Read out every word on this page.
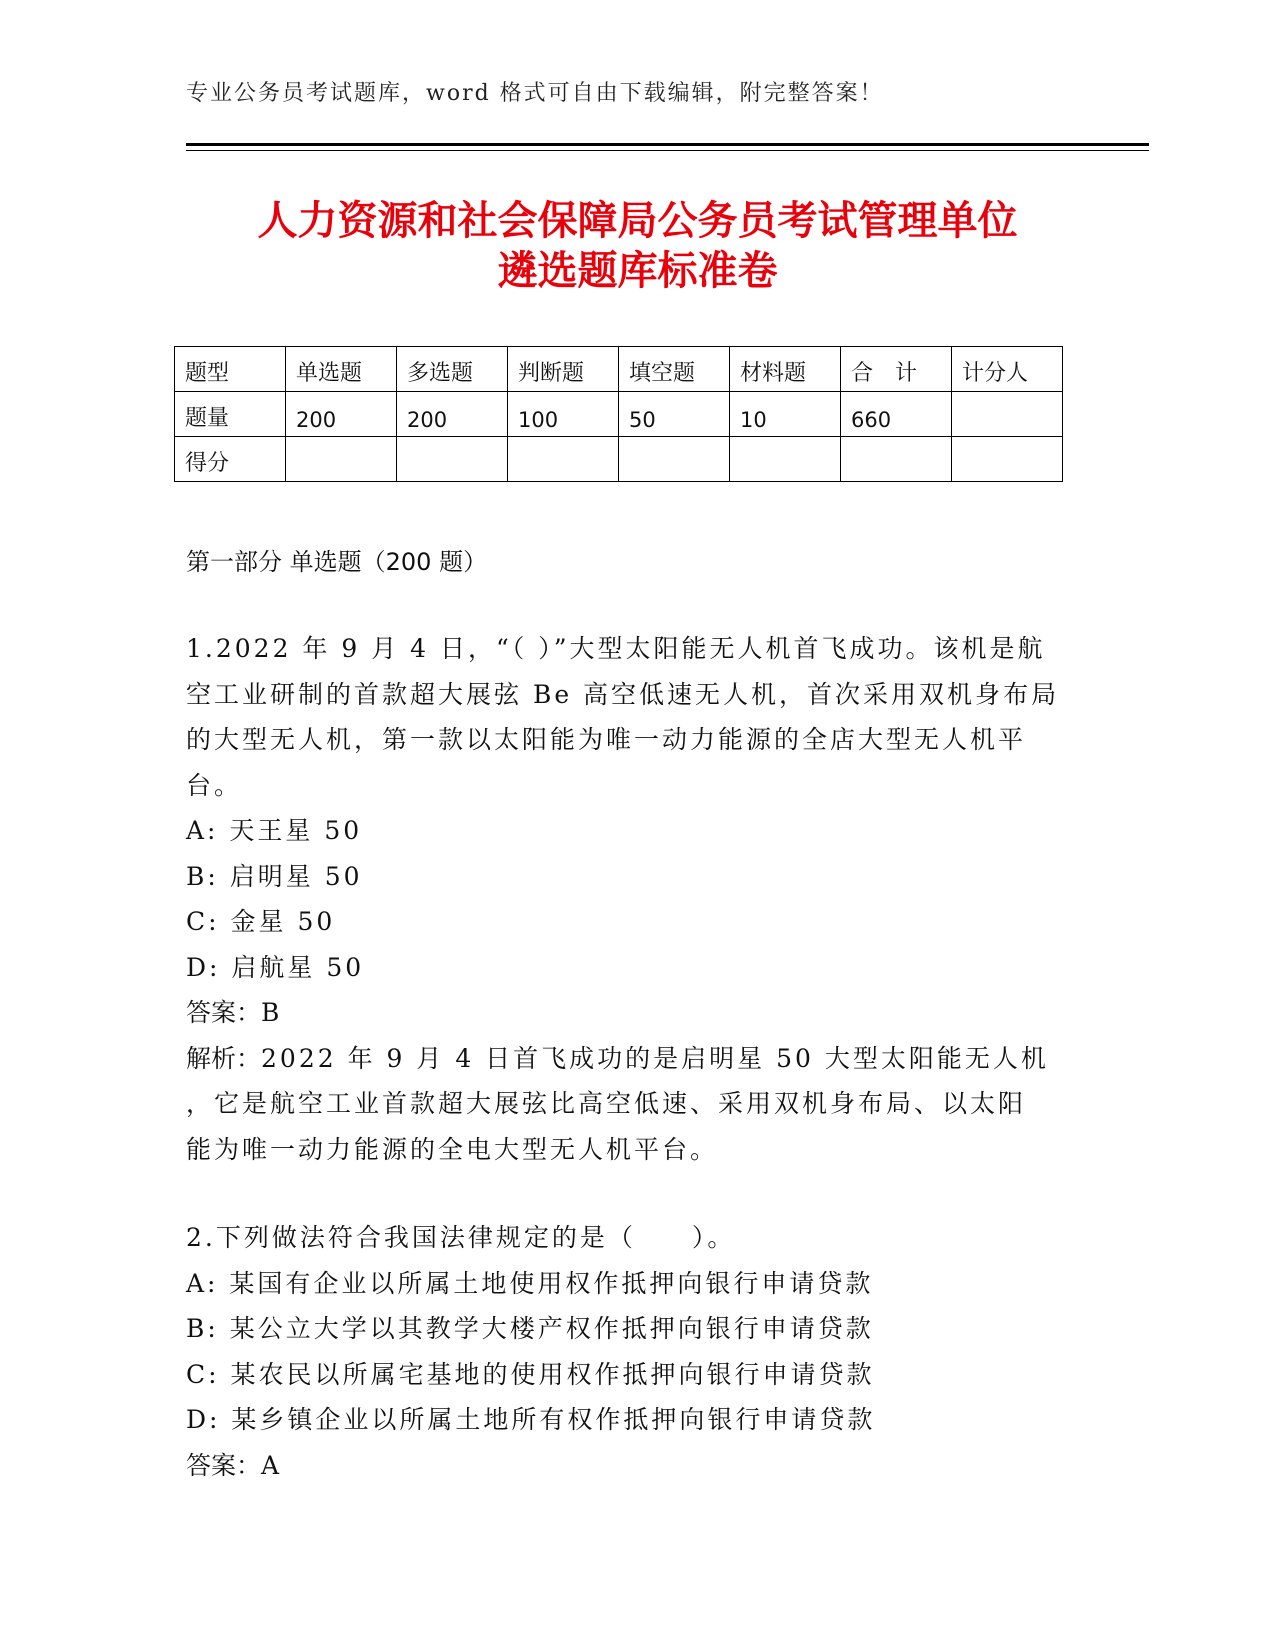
专业公务员考试题库，word 格式可自由下载编辑，附完整答案！
人力资源和社会保障局公务员考试管理单位
遴选题库标准卷
题型	单选题	多选题	判断题	填空题	材料题	合　计	计分人
题量	200	200	100	50	10	660	
得分							
第一部分 单选题（200 题）

1.2022 年 9 月 4 日，“（ ）”大型太阳能无人机首飞成功。该机是航

空工业研制的首款超大展弦 Be 高空低速无人机，首次采用双机身布局

的大型无人机，第一款以太阳能为唯一动力能源的全店大型无人机平

台。

A: 天王星 50

B: 启明星 50

C: 金星 50

D: 启航星 50

答案：B

解析：2022 年 9 月 4 日首飞成功的是启明星 50 大型太阳能无人机

，它是航空工业首款超大展弦比高空低速、采用双机身布局、以太阳

能为唯一动力能源的全电大型无人机平台。

2.下列做法符合我国法律规定的是（　　）。

A: 某国有企业以所属土地使用权作抵押向银行申请贷款

B: 某公立大学以其教学大楼产权作抵押向银行申请贷款

C: 某农民以所属宅基地的使用权作抵押向银行申请贷款

D: 某乡镇企业以所属土地所有权作抵押向银行申请贷款

答案：A
